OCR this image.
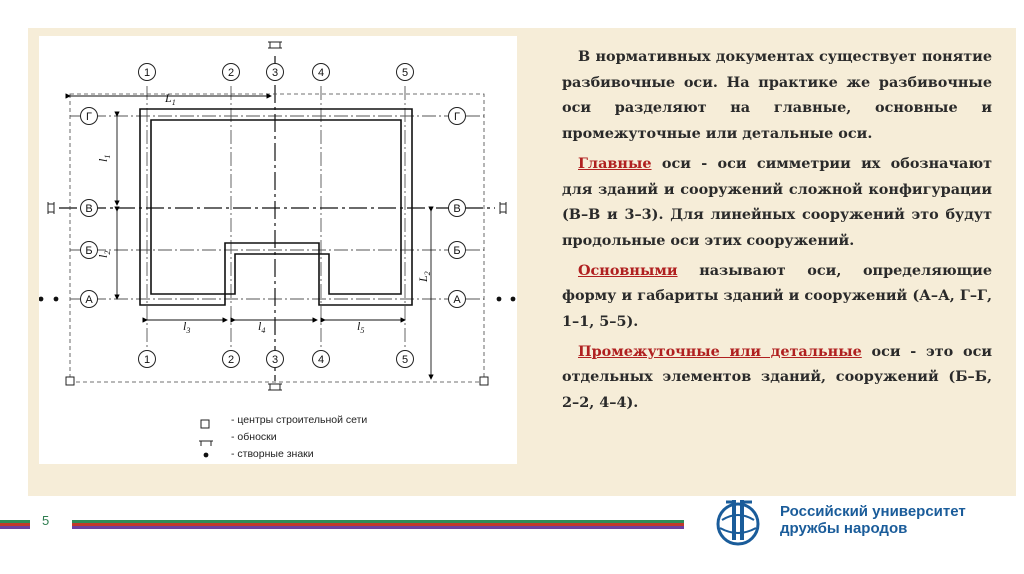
1	2	3	4	5
1	2	3	4	5
Г
В
Б
А
Г
В
Б
А
$L_1$
$l_1$
$l_2$
$L_2$
$l_3$	$l_4$	$l_5$
- центры строительной сети
- обноски
- створные знаки

В нормативных документах существует понятие разбивочные оси. На практике же разбивочные оси разделяют на главные, основные и промежуточные или детальные оси.

Главные оси - оси симметрии их обозначают для зданий и сооружений сложной конфигурации (В–В и 3–3). Для линейных сооружений это будут продольные оси этих сооружений.

Основными называют оси, определяющие форму и габариты зданий и сооружений (А–А, Г–Г, 1–1, 5–5).

Промежуточные или детальные оси - это оси отдельных элементов зданий, сооружений (Б–Б, 2–2, 4–4).

5
Российский университет
дружбы народов
